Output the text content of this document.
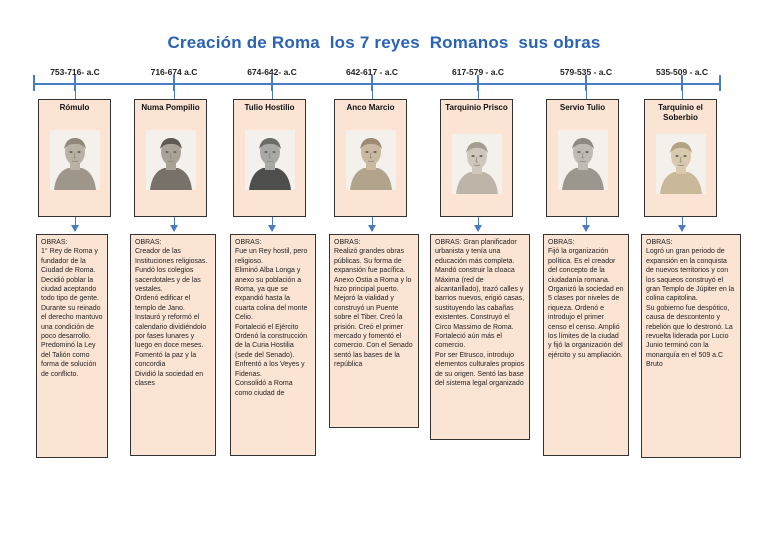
Creación de Roma  los 7 reyes  Romanos  sus obras
753-716- a.C
Rómulo
OBRAS:
1° Rey de Roma y fundador de la Ciudad de Roma.
Decidió poblar la ciudad aceptando todo tipo de gente.
Durante su reinado el derecho mantuvo una condición de poco desarrollo.
Predominó la Ley del Talión como forma de solución de conflicto.
716-674 a.C
Numa Pompilio
OBRAS:
Creador de las Instituciones religiosas. Fundó los colegios sacerdotales y de las vestales.
Ordenó edificar el templo de Jano.
Instauró y reformó el calendario dividiéndolo por fases lunares y luego en doce meses.
Fomentó la paz y la concordia
Dividió la sociedad en clases
674-642- a.C
Tulio Hostilio
OBRAS:
Fue un Rey hostil, pero religioso.
Eliminó Alba Longa y anexo su población a Roma, ya que se expandió hasta la cuarta colina del monte Celio.
Fortaleció el Ejército Ordenó la construcción de la Curia Hostilia (sede del Senado).
Enfrentó a los Veyes y Fidenas.
Consolidó a Roma como ciudad de
642-617 - a.C
Anco Marcio
OBRAS:
Realizó grandes obras públicas. Su forma de expansión fue pacífica. Anexo Ostia a Roma y lo hizo principal puerto. Mejoró la vialidad y construyó un Puente sobre el Tiber. Creó la prisión. Creó el primer mercado y fomentó el comercio. Con el Senado sentó las bases de la república
617-579 - a.C
Tarquinio Prisco
OBRAS: Gran planificador urbanista y tenía una educación más completa. Mandó construir la cloaca Máxima (red de alcantarillado), trazó calles y barrios nuevos, erigió casas, sustituyendo las cabañas existentes. Construyó el Circo Massimo de Roma. Fortaleció aún más el comercio.
Por ser Etrusco, introdujo elementos culturales propios de su origen. Sentó las base del sistema legal organizado
579-535 - a.C
Servio Tulio
OBRAS:
Fijó la organización política. Es el creador del concepto de la ciudadanía romana. Organizó la sociedad en 5 clases por niveles de riqueza. Ordenó e introdujo el primer censo el censo. Amplió los límites de la ciudad y fijó la organización del ejército y su ampliación.
535-509 - a.C
Tarquinio el Soberbio
OBRAS:
Logró un gran periodo de expansión en la conquista de nuevos territorios y con los saqueos construyó el gran Templo de Júpiter en la colina capitolina.
Su gobierno fue despótico, causa de descontento y rebelión que lo destronó. La revuelta liderada por Lucio Junio terminó con la monarquía en el 509 a.C Bruto
